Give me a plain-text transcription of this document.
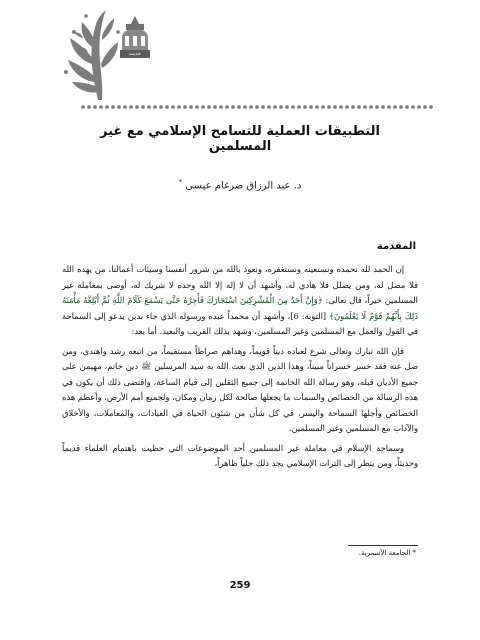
حديث
التطبيقات العملية للتسامح الإسلامي مع غير المسلمين
د. عبد الرزاق ضرغام عيسى *
المقدمة

إن الحمد لله نحمده ونستعينه ونستغفره، ونعوذ بالله من شرور أنفسنا وسيئات أعمالنا، من يهده الله فلا مضل له، ومن يضلل فلا هادي له، وأشهد أن لا إله إلا الله وحده لا شريك له، أوصى بمعاملة غير المسلمين خيراً، قال تعالى: ﴿وَإِنْ أَحَدٌ مِنَ الْمُشْرِكِينَ اسْتَجَارَكَ فَأَجِرْهُ حَتَّى يَسْمَعَ كَلَامَ اللَّهِ ثُمَّ أَبْلِغْهُ مَأْمَنَهُ ذَلِكَ بِأَنَّهُمْ قَوْمٌ لَا يَعْلَمُونَ﴾ [التوبة: 6]، وأشهد أن محمداً عبده ورسوله الذي جاء بدين يدعو إلى السماحة في القول والعمل مع المسلمين وغير المسلمين، وشهد بذلك القريب والبعيد. أما بعد:

فإن الله تبارك وتعالى شرع لعباده ديناً قويماً، وهداهم صراطاً مستقيماً، من اتبعه رشد واهتدى، ومن ضل عنه فقد خسر خسراناً مبيناً، وهذا الدين الذي بعث الله به سيد المرسلين ﷺ دين خاتم، مهيمن على جميع الأديان قبله، وهو رسالة الله الخاتمة إلى جميع الثقلين إلى قيام الساعة، واقتضى ذلك أن يكون في هذه الرسالة من الخصائص والسمات ما يجعلها صالحة لكل زمان ومكان، ولجميع أمم الأرض، وأعظم هذه الخصائص وأجلها السماحة واليسر، في كل شأن من شئون الحياة في العبادات، والمعاملات، والأخلاق والآداب مع المسلمين وغير المسلمين.

وسماحة الإسلام في معاملة غير المسلمين أحد الموضوعات التي حظيت باهتمام العلماء قديماً وحديثاً، ومن ينظر إلى التراث الإسلامي يجد ذلك جلياً ظاهراً،

* الجامعة الأسمرية.
259
